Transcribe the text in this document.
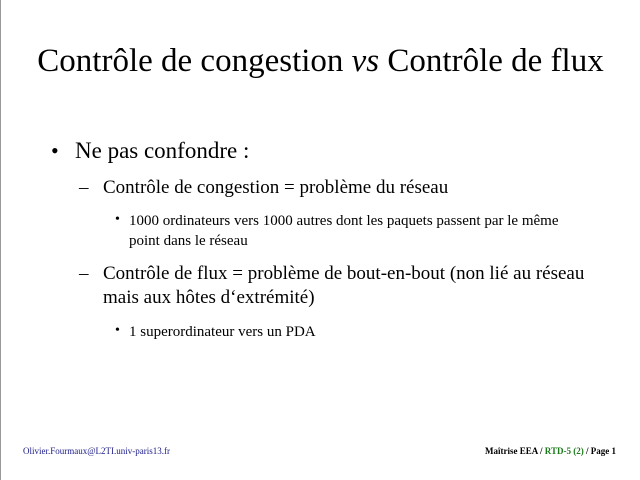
Contrôle de congestion vs Contrôle de flux
• Ne pas confondre :
– Contrôle de congestion = problème du réseau
• 1000 ordinateurs vers 1000 autres dont les paquets passent par le même point dans le réseau
– Contrôle de flux = problème de bout-en-bout (non lié au réseau mais aux hôtes d‘extrémité)
• 1 superordinateur vers un PDA
Olivier.Fourmaux@L2TI.univ-paris13.fr	Maîtrise EEA / RTD-5 (2) / Page 1
